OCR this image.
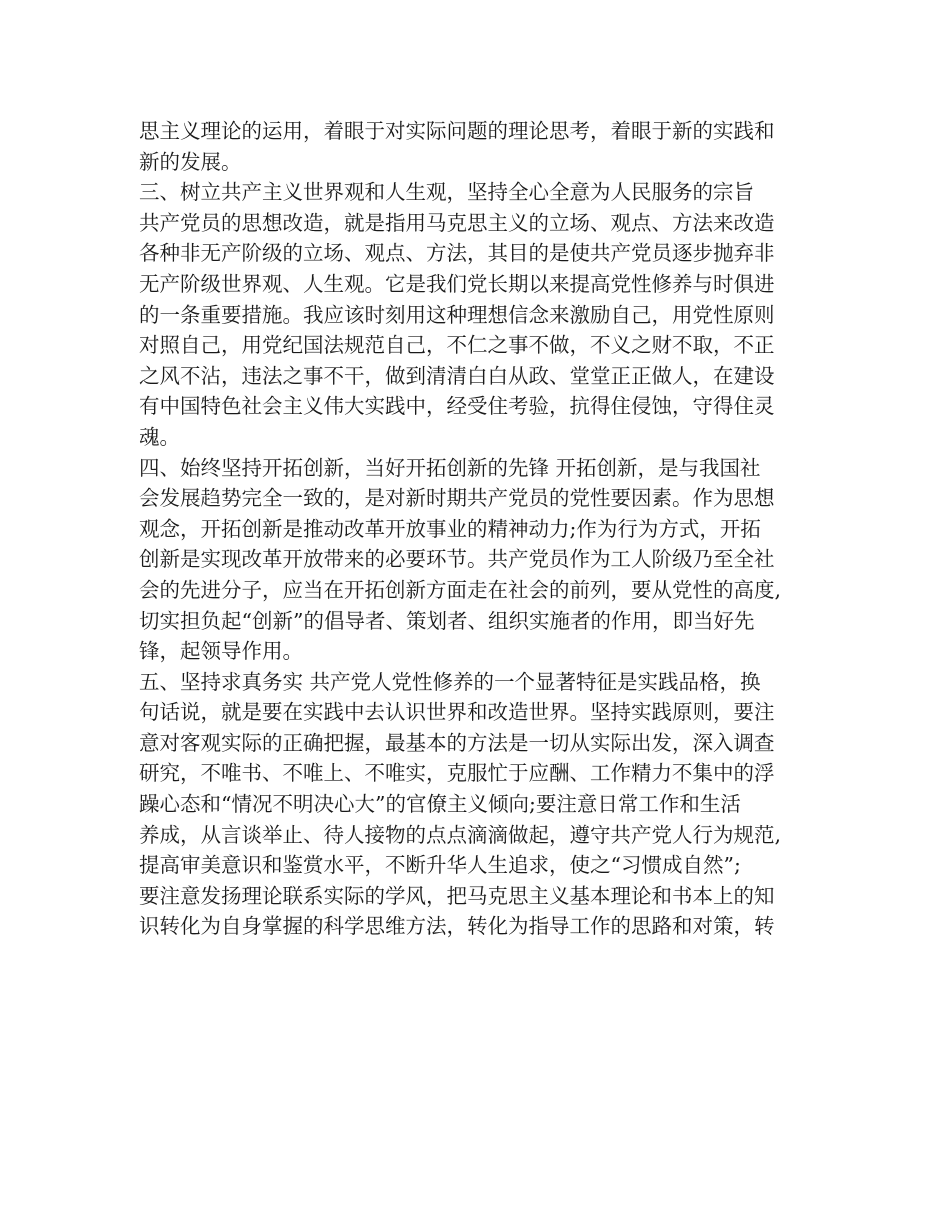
思主义理论的运用，着眼于对实际问题的理论思考，着眼于新的实践和
新的发展。
三、树立共产主义世界观和人生观，坚持全心全意为人民服务的宗旨
共产党员的思想改造，就是指用马克思主义的立场、观点、方法来改造
各种非无产阶级的立场、观点、方法，其目的是使共产党员逐步抛弃非
无产阶级世界观、人生观。它是我们党长期以来提高党性修养与时俱进
的一条重要措施。我应该时刻用这种理想信念来激励自己，用党性原则
对照自己，用党纪国法规范自己，不仁之事不做，不义之财不取，不正
之风不沾，违法之事不干，做到清清白白从政、堂堂正正做人，在建设
有中国特色社会主义伟大实践中，经受住考验，抗得住侵蚀，守得住灵
魂。
四、始终坚持开拓创新，当好开拓创新的先锋 开拓创新，是与我国社
会发展趋势完全一致的，是对新时期共产党员的党性要因素。作为思想
观念，开拓创新是推动改革开放事业的精神动力;作为行为方式，开拓
创新是实现改革开放带来的必要环节。共产党员作为工人阶级乃至全社
会的先进分子，应当在开拓创新方面走在社会的前列，要从党性的高度,
切实担负起“创新”的倡导者、策划者、组织实施者的作用，即当好先
锋，起领导作用。
五、坚持求真务实 共产党人党性修养的一个显著特征是实践品格，换
句话说，就是要在实践中去认识世界和改造世界。坚持实践原则，要注
意对客观实际的正确把握，最基本的方法是一切从实际出发，深入调查
研究，不唯书、不唯上、不唯实，克服忙于应酬、工作精力不集中的浮
躁心态和“情况不明决心大”的官僚主义倾向;要注意日常工作和生活
养成，从言谈举止、待人接物的点点滴滴做起，遵守共产党人行为规范,
提高审美意识和鉴赏水平，不断升华人生追求，使之“习惯成自然”;
要注意发扬理论联系实际的学风，把马克思主义基本理论和书本上的知
识转化为自身掌握的科学思维方法，转化为指导工作的思路和对策，转
